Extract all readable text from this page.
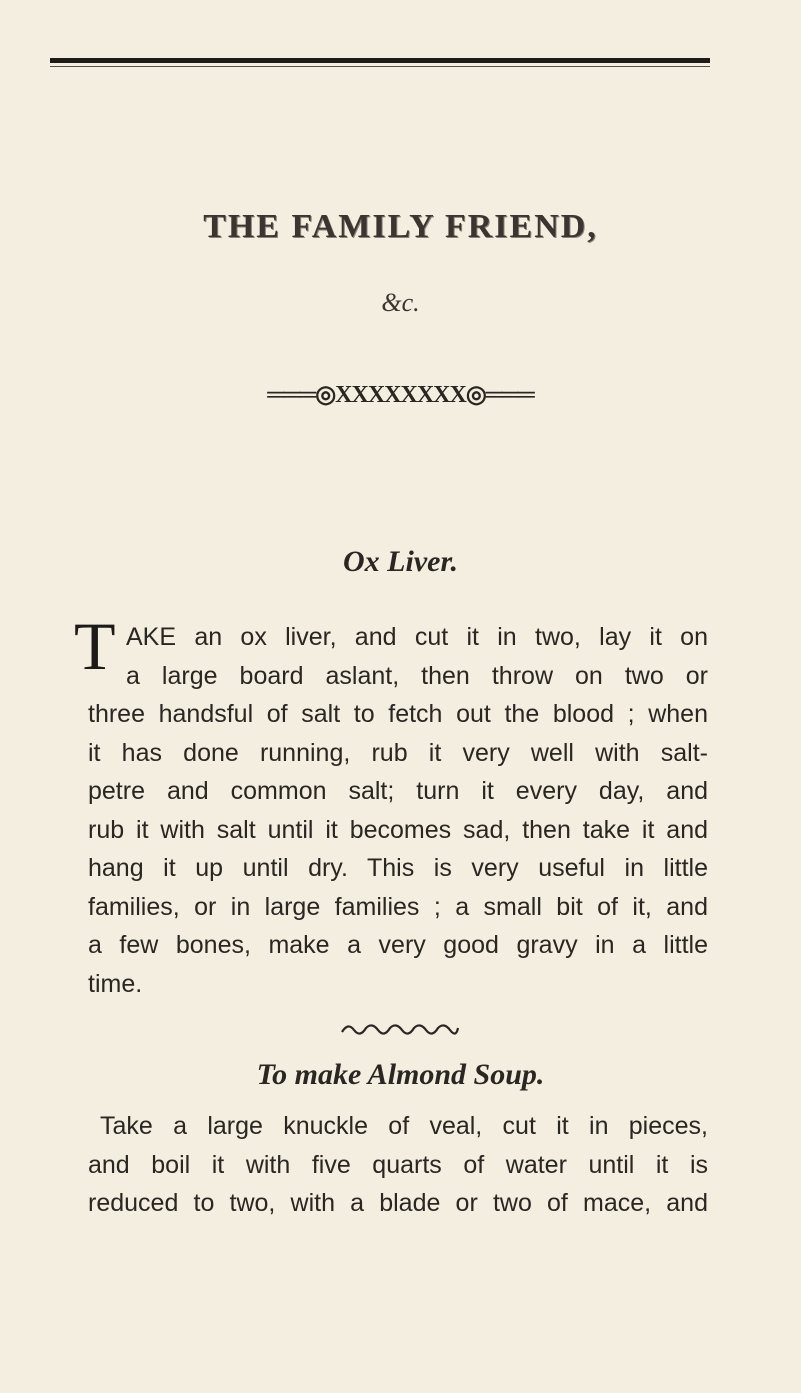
THE FAMILY FRIEND,
&c.
═══◎XXXXXXXX◎═══
Ox Liver.
T AKE an ox liver, and cut it in two, lay it on
a large board aslant, then throw on two or
three handsful of salt to fetch out the blood ; when
it has done running, rub it very well with salt-
petre and common salt; turn it every day, and
rub it with salt until it becomes sad, then take it and
hang it up until dry. This is very useful in little
families, or in large families ; a small bit of it, and
a few bones, make a very good gravy in a little
time.
To make Almond Soup.
Take a large knuckle of veal, cut it in pieces,
and boil it with five quarts of water until it is
reduced to two, with a blade or two of mace, and
